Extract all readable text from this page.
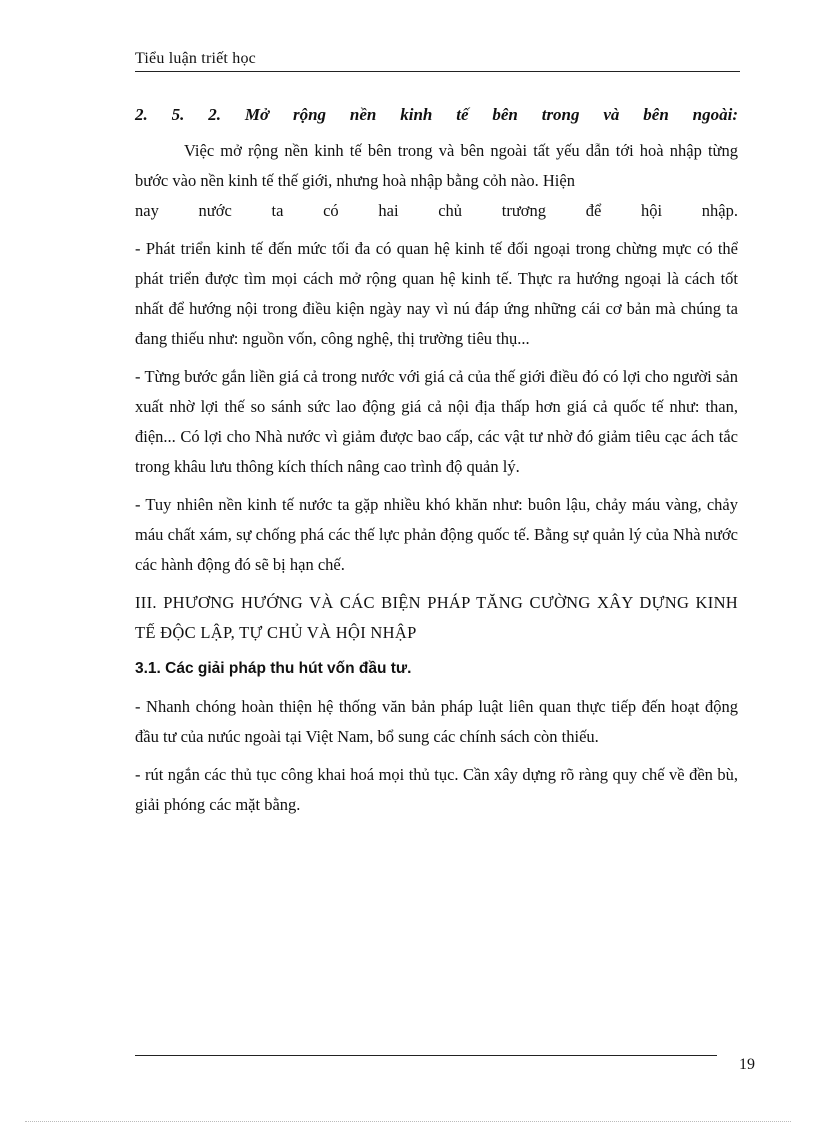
Tiểu luận triết học
2. 5. 2. Mở rộng nền kinh tế bên trong và bên ngoài:
Việc mở rộng nền kinh tế bên trong và bên ngoài tất yếu dẫn tới hoà nhập từng bước vào nền kinh tế thế giới, nhưng hoà nhập bằng cỏh nào. Hiện
nay nước ta có hai chủ trương để hội nhập.
- Phát triển kinh tế đến mức tối đa có quan hệ kinh tế đối ngoại trong chừng mực có thể phát triển được tìm mọi cách mở rộng quan hệ kinh tế. Thực ra hướng ngoại là cách tốt nhất để hướng nội trong điều kiện ngày nay vì nú đáp ứng những cái cơ bản mà chúng ta đang thiếu như: nguồn vốn, công nghệ, thị trường tiêu thụ...
- Từng bước gắn liền giá cả trong nước với giá cả của thế giới điều đó có lợi cho người sản xuất nhờ lợi thế so sánh sức lao động giá cả nội địa thấp hơn giá cả quốc tế như: than, điện... Có lợi cho Nhà nước vì giảm được bao cấp, các vật tư nhờ đó giảm tiêu cạc ách tắc trong khâu lưu thông kích thích nâng cao trình độ quản lý.
- Tuy nhiên nền kinh tế nước ta gặp nhiều khó khăn như: buôn lậu, chảy máu vàng, chảy máu chất xám, sự chống phá các thế lực phản động quốc tế. Bằng sự quản lý của Nhà nước các hành động đó sẽ bị hạn chế.
III. PHƯƠNG HƯỚNG VÀ CÁC BIỆN PHÁP TĂNG CƯỜNG XÂY DỰNG KINH TẾ ĐỘC LẬP, TỰ CHỦ VÀ HỘI NHẬP
3.1. Các giải pháp thu hút vốn đầu tư.
- Nhanh chóng hoàn thiện hệ thống văn bản pháp luật liên quan thực tiếp đến hoạt động đầu tư của nưúc ngoài tại Việt Nam, bổ sung các chính sách còn thiếu.
- rút ngắn các thủ tục công khai hoá mọi thủ tục. Cần xây dựng rõ ràng quy chế về đền bù, giải phóng các mặt bằng.
19
